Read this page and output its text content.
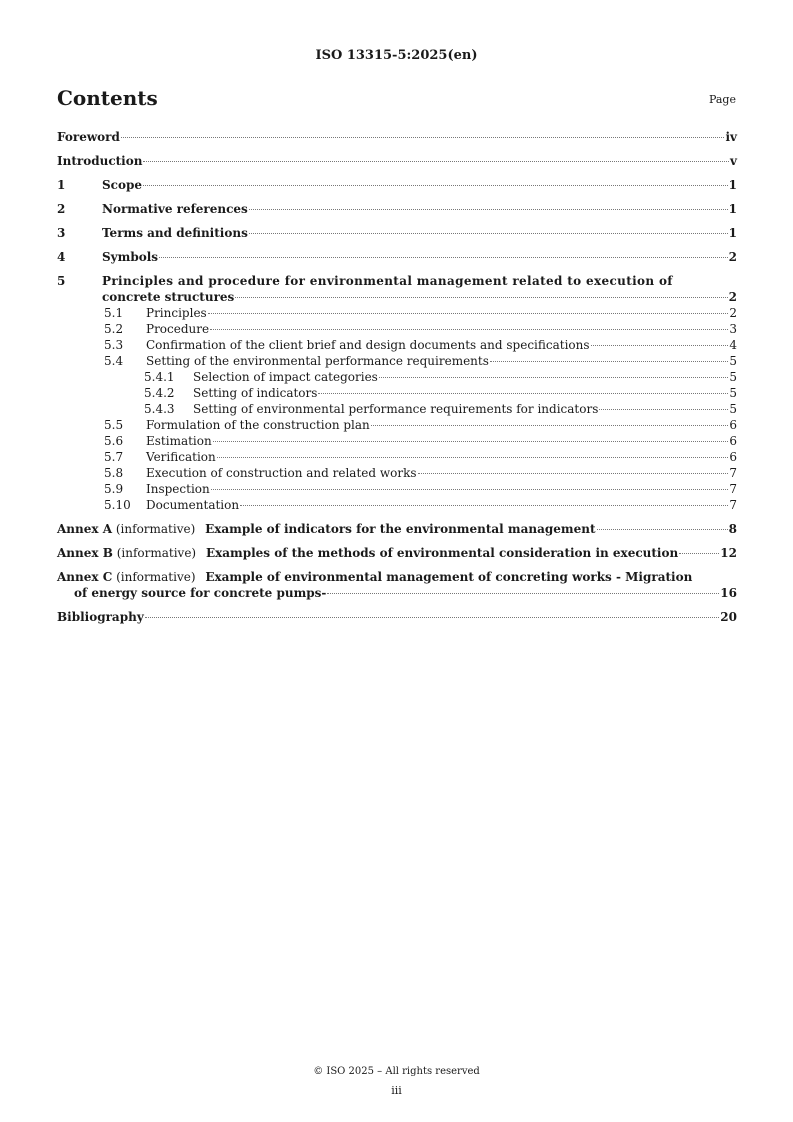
ISO 13315-5:2025(en)
Contents	Page
Foreword	iv
Introduction	v
1	Scope	1
2	Normative references	1
3	Terms and definitions	1
4	Symbols	2
5	Principles and procedure for environmental management related to execution of
concrete structures	2
5.1	Principles	2
5.2	Procedure	3
5.3	Confirmation of the client brief and design documents and specifications	4
5.4	Setting of the environmental performance requirements	5
5.4.1	Selection of impact categories	5
5.4.2	Setting of indicators	5
5.4.3	Setting of environmental performance requirements for indicators	5
5.5	Formulation of the construction plan	6
5.6	Estimation	6
5.7	Verification	6
5.8	Execution of construction and related works	7
5.9	Inspection	7
5.10	Documentation	7
Annex A (informative) Example of indicators for the environmental management	8
Annex B (informative) Examples of the methods of environmental consideration in execution	12
Annex C (informative) Example of environmental management of concreting works - Migration
of energy source for concrete pumps-	16
Bibliography	20
© ISO 2025 – All rights reserved
iii
